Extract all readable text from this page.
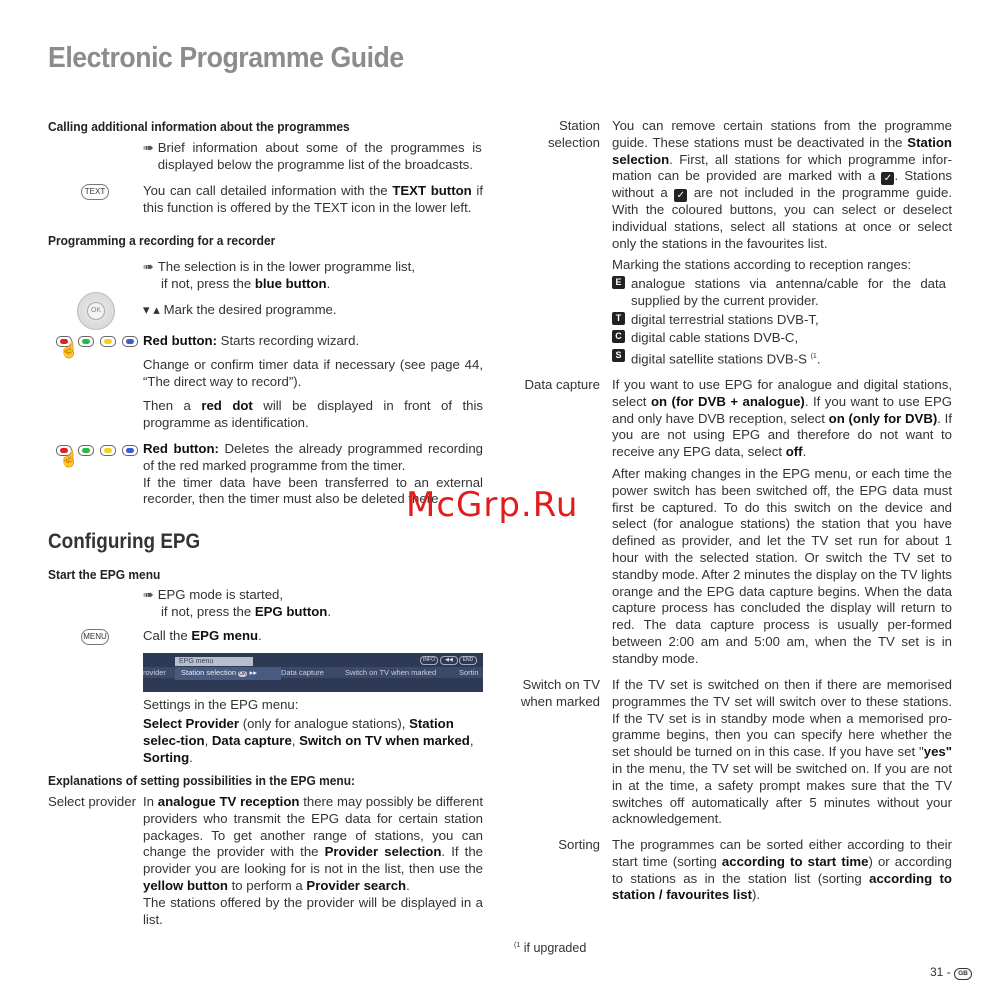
Electronic Programme Guide
Calling additional information about the programmes
➠ Brief information about some of the programmes is displayed below the programme list of the broadcasts.
TEXT	You can call detailed information with the TEXT button if this function is offered by the TEXT icon in the lower left.
Programming a recording for a recorder
➠ The selection is in the lower programme list,
if not, press the blue button.
OK	▾ ▴ Mark the desired programme.
☝
Red button: Starts recording wizard.
Change or confirm timer data if necessary (see page 44, “The direct way to record”).
Then a red dot will be displayed in front of this programme as identification.
☝
Red button: Deletes the already programmed recording of the red marked programme from the timer.
If the timer data have been transferred to an external recorder, then the timer must also be deleted there.
Configuring EPG
Start the EPG menu
➠ EPG mode is started,
if not, press the EPG button.
MENU	Call the EPG menu.
EPG menu	INFO	◀◀	END
rovider	Station selection OK ▸▸	Data capture	Switch on TV when marked	Sortin
Settings in the EPG menu:
Select Provider (only for analogue stations), Station selec-tion, Data capture, Switch on TV when marked, Sorting.
Explanations of setting possibilities in the EPG menu:
Select provider In analogue TV reception there may possibly be different providers who transmit the EPG data for certain station packages. To get another range of stations, you can change the provider with the Provider selection. If the provider you are looking for is not in the list, then use the yellow button to perform a Provider search.
The stations offered by the provider will be displayed in a list.
Station
selection
You can remove certain stations from the programme guide. These stations must be deactivated in the Station selection. First, all stations for which programme infor-mation can be provided are marked with a ✓ . Stations without a ✓ are not included in the programme guide. With the coloured buttons, you can select or deselect individual stations, select all stations at once or select only the stations in the favourites list.
Marking the stations according to reception ranges:
E analogue stations via antenna/cable for the data supplied by the current provider.
T digital terrestrial stations DVB-T,
C digital cable stations DVB-C,
S digital satellite stations DVB-S $^{(1}$.
Data capture If you want to use EPG for analogue and digital stations, select on (for DVB + analogue). If you want to use EPG and only have DVB reception, select on (only for DVB). If you are not using EPG and therefore do not want to receive any EPG data, select off.
After making changes in the EPG menu, or each time the power switch has been switched off, the EPG data must first be captured. To do this switch on the device and select (for analogue stations) the station that you have defined as provider, and let the TV set run for about 1 hour with the selected station. Or switch the TV set to standby mode. After 2 minutes the display on the TV lights orange and the EPG data capture begins. When the data capture process has concluded the display will return to red. The data capture process is usually per-formed between 2:00 am and 5:00 am, when the TV set is in standby mode.
Switch on TV
when marked
If the TV set is switched on then if there are memorised programmes the TV set will switch over to these stations. If the TV set is in standby mode when a memorised pro-gramme begins, then you can specify here whether the set should be turned on in this case. If you have set "yes" in the menu, the TV set will be switched on. If you are not in at the time, a safety prompt makes sure that the TV switches off automatically after 5 minutes without your acknowledgement.
Sorting The programmes can be sorted either according to their start time (sorting according to start time) or according to stations as in the station list (sorting according to station / favourites list).
McGrp.Ru
$^{(1}$ if upgraded
31 - GB
